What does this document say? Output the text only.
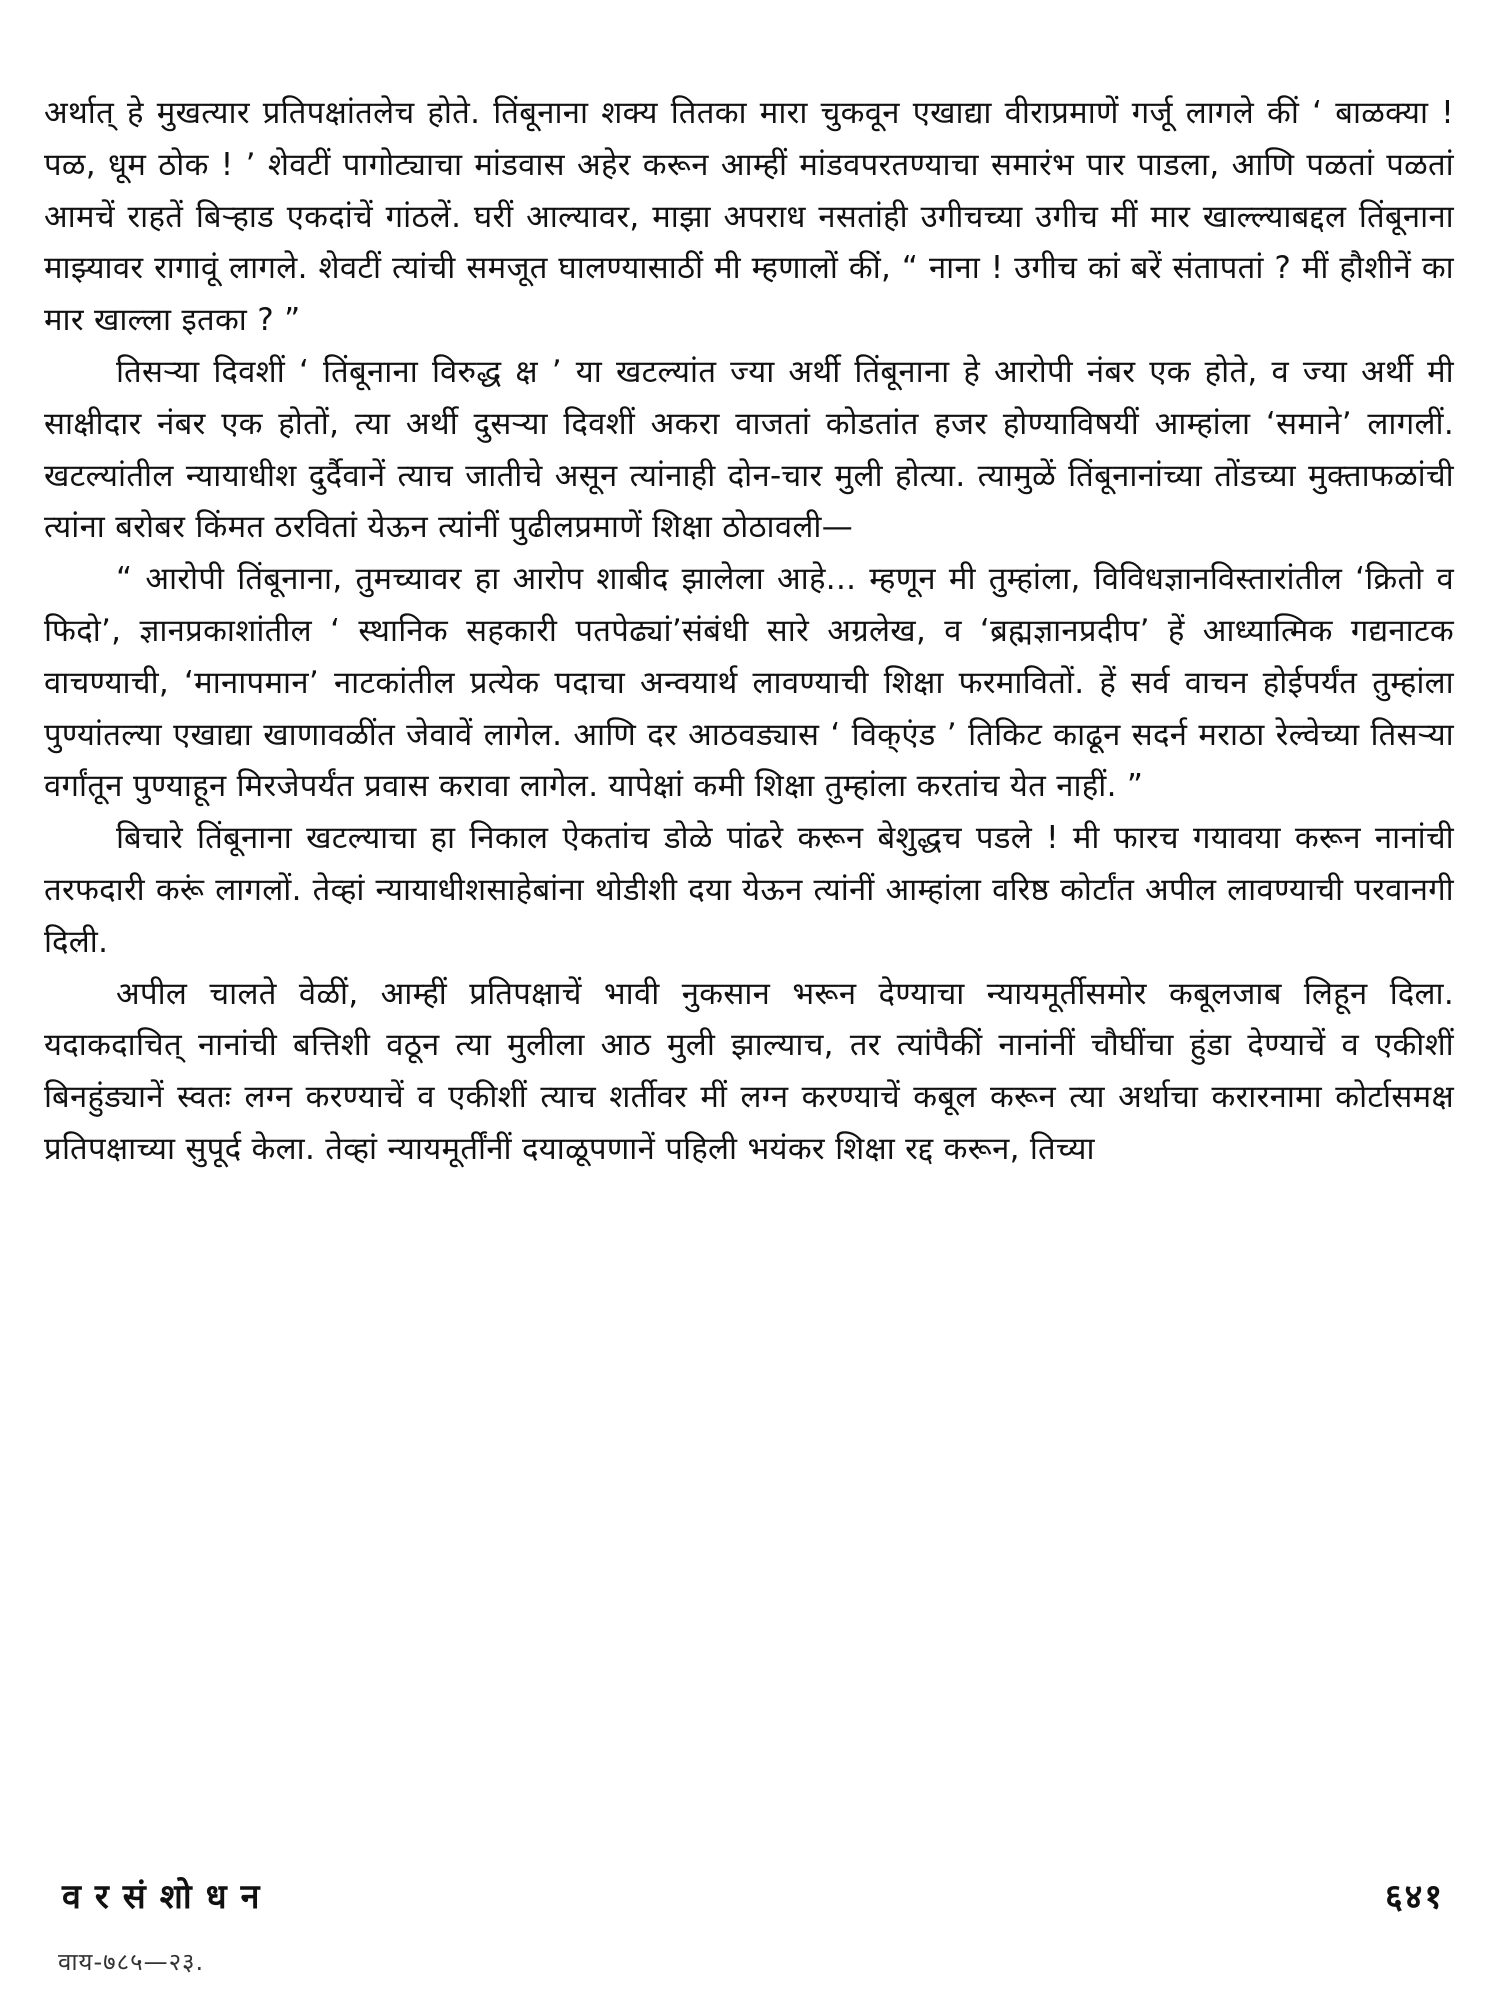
अर्थात् हे मुखत्यार प्रतिपक्षांतलेच होते. तिंबूनाना शक्य तितका मारा चुकवून एखाद्या वीराप्रमाणें गर्जू लागले कीं ‘ बाळक्या ! पळ, धूम ठोक ! ’ शेवटीं पागोट्याचा मांडवास अहेर करून आम्हीं मांडवपरतण्याचा समारंभ पार पाडला, आणि पळतां पळतां आमचें राहतें बिऱ्हाड एकदांचें गांठलें. घरीं आल्यावर, माझा अपराध नसतांही उगीचच्या उगीच मीं मार खाल्ल्याबद्दल तिंबूनाना माझ्यावर रागावूं लागले. शेवटीं त्यांची समजूत घालण्यासाठीं मी म्हणालों कीं, “ नाना ! उगीच कां बरें संतापतां ? मीं हौशीनें का मार खाल्ला इतका ? ”

तिसऱ्या दिवशीं ‘ तिंबूनाना विरुद्ध क्ष ’ या खटल्यांत ज्या अर्थी तिंबूनाना हे आरोपी नंबर एक होते, व ज्या अर्थी मी साक्षीदार नंबर एक होतों, त्या अर्थी दुसऱ्या दिवशीं अकरा वाजतां कोडतांत हजर होण्याविषयीं आम्हांला ‘समाने’ लागलीं. खटल्यांतील न्यायाधीश दुर्दैवानें त्याच जातीचे असून त्यांनाही दोन-चार मुली होत्या. त्यामुळें तिंबूनानांच्या तोंडच्या मुक्ताफळांची त्यांना बरोबर किंमत ठरवितां येऊन त्यांनीं पुढीलप्रमाणें शिक्षा ठोठावली—

“ आरोपी तिंबूनाना, तुमच्यावर हा आरोप शाबीद झालेला आहे... म्हणून मी तुम्हांला, विविधज्ञानविस्तारांतील ‘क्रितो व फिदो’, ज्ञानप्रकाशांतील ‘ स्थानिक सहकारी पतपेढ्यां’संबंधी सारे अग्रलेख, व ‘ब्रह्मज्ञानप्रदीप’ हें आध्यात्मिक गद्यनाटक वाचण्याची, ‘मानापमान’ नाटकांतील प्रत्येक पदाचा अन्वयार्थ लावण्याची शिक्षा फरमावितों. हें सर्व वाचन होईपर्यंत तुम्हांला पुण्यांतल्या एखाद्या खाणावळींत जेवावें लागेल. आणि दर आठवड्यास ‘ विक्एंड ’ तिकिट काढून सदर्न मराठा रेल्वेच्या तिसऱ्या वर्गांतून पुण्याहून मिरजेपर्यंत प्रवास करावा लागेल. यापेक्षां कमी शिक्षा तुम्हांला करतांच येत नाहीं. ”

बिचारे तिंबूनाना खटल्याचा हा निकाल ऐकतांच डोळे पांढरे करून बेशुद्धच पडले ! मी फारच गयावया करून नानांची तरफदारी करूं लागलों. तेव्हां न्यायाधीशसाहेबांना थोडीशी दया येऊन त्यांनीं आम्हांला वरिष्ठ कोर्टांत अपील लावण्याची परवानगी दिली.

अपील चालते वेळीं, आम्हीं प्रतिपक्षाचें भावी नुकसान भरून देण्याचा न्यायमूर्तीसमोर कबूलजाब लिहून दिला. यदाकदाचित् नानांची बत्तिशी वठून त्या मुलीला आठ मुली झाल्याच, तर त्यांपैकीं नानांनीं चौघींचा हुंडा देण्याचें व एकीशीं बिनहुंड्यानें स्वतः लग्न करण्याचें व एकीशीं त्याच शर्तीवर मीं लग्न करण्याचें कबूल करून त्या अर्थाचा करारनामा कोर्टासमक्ष प्रतिपक्षाच्या सुपूर्द केला. तेव्हां न्यायमूर्तींनीं दयाळूपणानें पहिली भयंकर शिक्षा रद्द करून, तिच्या

वरसंशोधन	६४१
वाय-७८५—२३.
